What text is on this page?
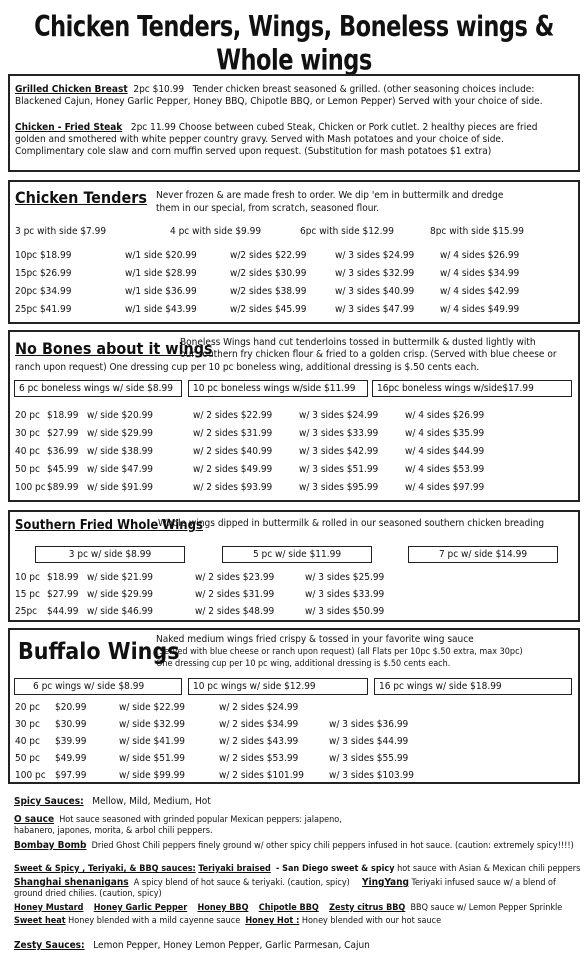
Chicken Tenders, Wings, Boneless wings & Whole wings
Grilled Chicken Breast 2pc $10.99 Tender chicken breast seasoned & grilled. (other seasoning choices include:
Blackened Cajun, Honey Garlic Pepper, Honey BBQ, Chipotle BBQ, or Lemon Pepper) Served with your choice of side.
Chicken - Fried Steak 2pc 11.99 Choose between cubed Steak, Chicken or Pork cutlet. 2 healthy pieces are fried
golden and smothered with white pepper country gravy. Served with Mash potatoes and your choice of side.
Complimentary cole slaw and corn muffin served upon request. (Substitution for mash potatoes $1 extra)
Chicken Tenders Never frozen & are made fresh to order. We dip 'em in buttermilk and dredge
them in our special, from scratch, seasoned flour.
3 pc with side $7.99	4 pc with side $9.99	6pc with side $12.99	8pc with side $15.99
10pc $18.99	w/1 side $20.99	w/2 sides $22.99	w/ 3 sides $24.99	w/ 4 sides $26.99
15pc $26.99	w/1 side $28.99	w/2 sides $30.99	w/ 3 sides $32.99	w/ 4 sides $34.99
20pc $34.99	w/1 side $36.99	w/2 sides $38.99	w/ 3 sides $40.99	w/ 4 sides $42.99
25pc $41.99	w/1 side $43.99	w/2 sides $45.99	w/ 3 sides $47.99	w/ 4 sides $49.99
No Bones about it wings
Boneless Wings hand cut tenderloins tossed in buttermilk & dusted lightly with
our southern fry chicken flour & fried to a golden crisp. (Served with blue cheese or
ranch upon request) One dressing cup per 10 pc boneless wing, additional dressing is $.50 cents each.
6 pc boneless wings w/ side $8.99	10 pc boneless wings w/side $11.99	16pc boneless wings w/side$17.99
20 pc $18.99 w/ side $20.99	w/ 2 sides $22.99	w/ 3 sides $24.99	w/ 4 sides $26.99
30 pc $27.99 w/ side $29.99	w/ 2 sides $31.99	w/ 3 sides $33.99	w/ 4 sides $35.99
40 pc $36.99 w/ side $38.99	w/ 2 sides $40.99	w/ 3 sides $42.99	w/ 4 sides $44.99
50 pc $45.99 w/ side $47.99	w/ 2 sides $49.99	w/ 3 sides $51.99	w/ 4 sides $53.99
100 pc $89.99 w/ side $91.99	w/ 2 sides $93.99	w/ 3 sides $95.99	w/ 4 sides $97.99
Southern Fried Whole Wings
Whole wings dipped in buttermilk & rolled in our seasoned southern chicken breading
3 pc w/ side $8.99	5 pc w/ side $11.99	7 pc w/ side $14.99
10 pc $18.99 w/ side $21.99	w/ 2 sides $23.99	w/ 3 sides $25.99
15 pc $27.99 w/ side $29.99	w/ 2 sides $31.99	w/ 3 sides $33.99
25pc $44.99 w/ side $46.99	w/ 2 sides $48.99	w/ 3 sides $50.99
Buffalo Wings
Naked medium wings fried crispy & tossed in your favorite wing sauce
(Served with blue cheese or ranch upon request) (all Flats per 10pc $.50 extra, max 30pc)
One dressing cup per 10 pc wing, additional dressing is $.50 cents each.
6 pc wings w/ side $8.99	10 pc wings w/ side $12.99	16 pc wings w/ side $18.99
20 pc $20.99	w/ side $22.99	w/ 2 sides $24.99
30 pc $30.99	w/ side $32.99	w/ 2 sides $34.99	w/ 3 sides $36.99
40 pc $39.99	w/ side $41.99	w/ 2 sides $43.99	w/ 3 sides $44.99
50 pc $49.99	w/ side $51.99	w/ 2 sides $53.99	w/ 3 sides $55.99
100 pc $97.99	w/ side $99.99	w/ 2 sides $101.99	w/ 3 sides $103.99
Spicy Sauces: Mellow, Mild, Medium, Hot
O sauce Hot sauce seasoned with grinded popular Mexican peppers: jalapeno,
habanero, japones, morita, & arbol chili peppers.
Bombay Bomb Dried Ghost Chili peppers finely ground w/ other spicy chili peppers infused in hot sauce. (caution: extremely spicy!!!!)
Sweet & Spicy , Teriyaki, & BBQ sauces: Teriyaki braised - San Diego sweet & spicy hot sauce with Asian & Mexican chili peppers
Shanghai shenanigans A spicy blend of hot sauce & teriyaki. (caution, spicy) YingYang Teriyaki infused sauce w/ a blend of
ground dried chilies. (caution, spicy)
Honey Mustard Honey Garlic Pepper Honey BBQ Chipotle BBQ Zesty citrus BBQ BBQ sauce w/ Lemon Pepper Sprinkle
Sweet heat Honey blended with a mild cayenne sauce Honey Hot : Honey blended with our hot sauce
Zesty Sauces: Lemon Pepper, Honey Lemon Pepper, Garlic Parmesan, Cajun
